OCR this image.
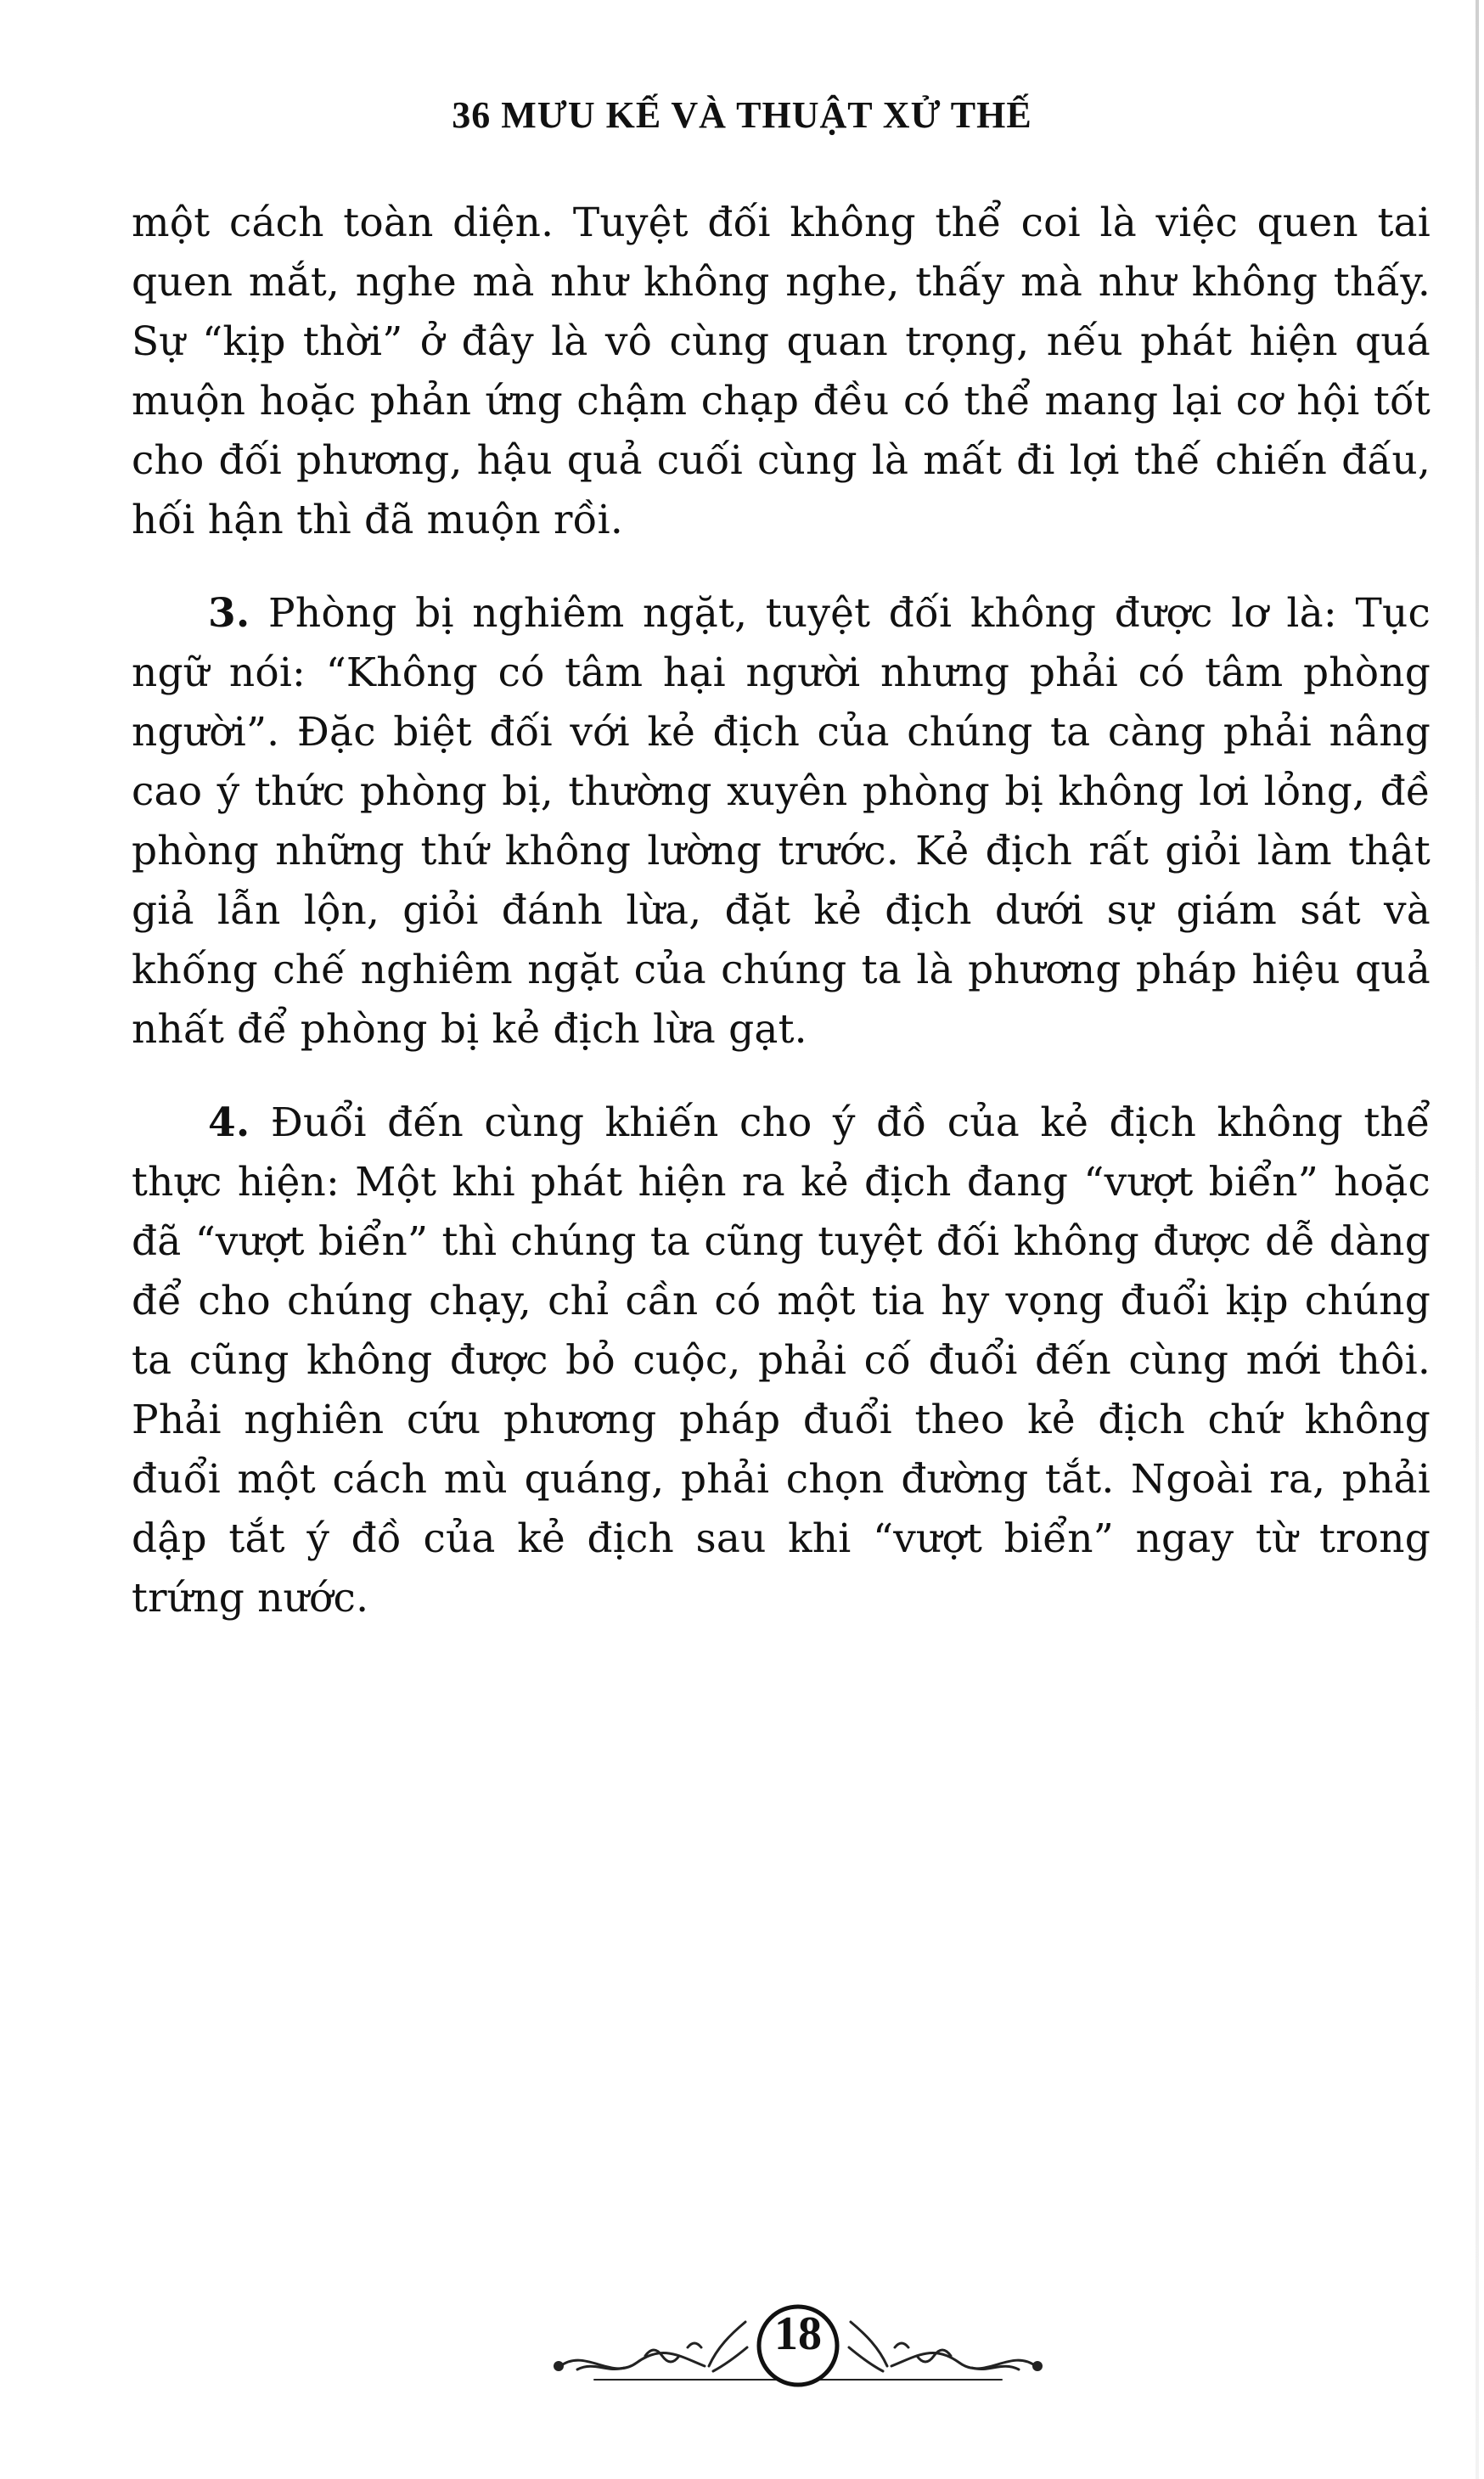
36 MƯU KẾ VÀ THUẬT XỬ THẾ

một cách toàn diện. Tuyệt đối không thể coi là việc quen tai quen mắt, nghe mà như không nghe, thấy mà như không thấy. Sự “kịp thời” ở đây là vô cùng quan trọng, nếu phát hiện quá muộn hoặc phản ứng chậm chạp đều có thể mang lại cơ hội tốt cho đối phương, hậu quả cuối cùng là mất đi lợi thế chiến đấu, hối hận thì đã muộn rồi.

3. Phòng bị nghiêm ngặt, tuyệt đối không được lơ là: Tục ngữ nói: “Không có tâm hại người nhưng phải có tâm phòng người”. Đặc biệt đối với kẻ địch của chúng ta càng phải nâng cao ý thức phòng bị, thường xuyên phòng bị không lơi lỏng, đề phòng những thứ không lường trước. Kẻ địch rất giỏi làm thật giả lẫn lộn, giỏi đánh lừa, đặt kẻ địch dưới sự giám sát và khống chế nghiêm ngặt của chúng ta là phương pháp hiệu quả nhất để phòng bị kẻ địch lừa gạt.

4. Đuổi đến cùng khiến cho ý đồ của kẻ địch không thể thực hiện: Một khi phát hiện ra kẻ địch đang “vượt biển” hoặc đã “vượt biển” thì chúng ta cũng tuyệt đối không được dễ dàng để cho chúng chạy, chỉ cần có một tia hy vọng đuổi kịp chúng ta cũng không được bỏ cuộc, phải cố đuổi đến cùng mới thôi. Phải nghiên cứu phương pháp đuổi theo kẻ địch chứ không đuổi một cách mù quáng, phải chọn đường tắt. Ngoài ra, phải dập tắt ý đồ của kẻ địch sau khi “vượt biển” ngay từ trong trứng nước.

18
